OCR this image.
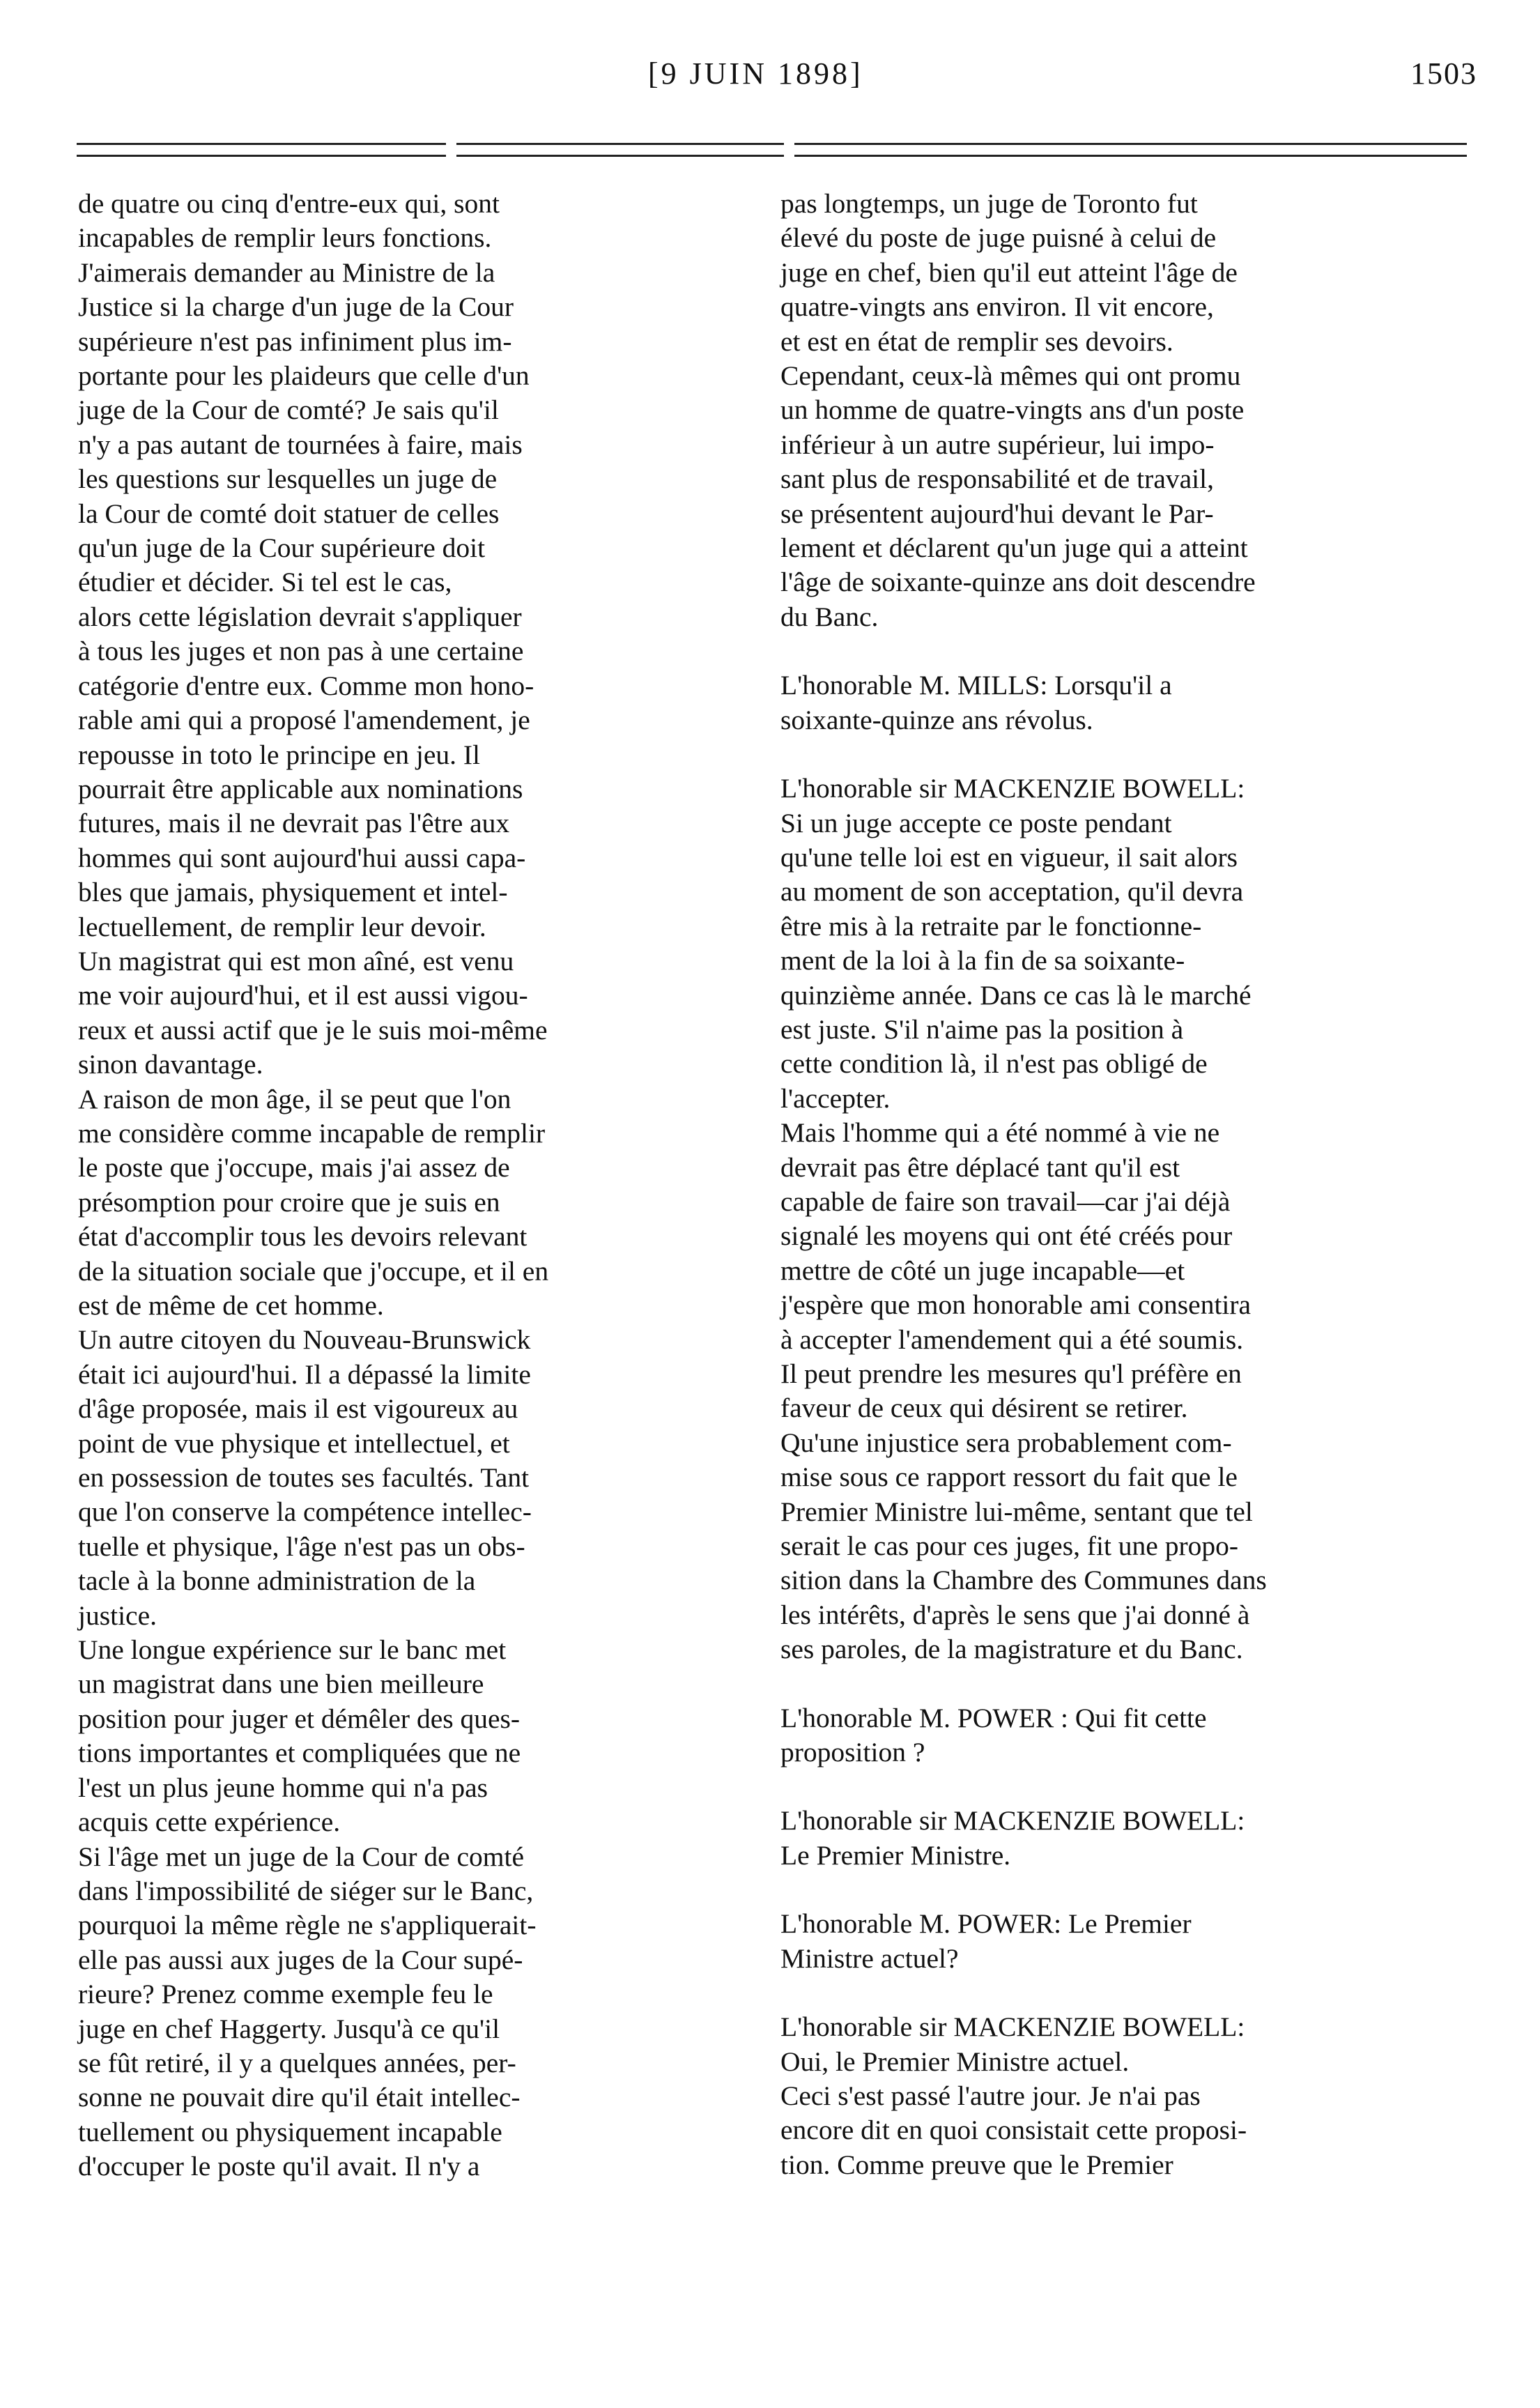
[9 JUIN 1898]	1503
de quatre ou cinq d'entre-eux qui, sont
incapables de remplir leurs fonctions.
J'aimerais demander au Ministre de la
Justice si la charge d'un juge de la Cour
supérieure n'est pas infiniment plus im-
portante pour les plaideurs que celle d'un
juge de la Cour de comté? Je sais qu'il
n'y a pas autant de tournées à faire, mais
les questions sur lesquelles un juge de
la Cour de comté doit statuer de celles
qu'un juge de la Cour supérieure doit
étudier et décider. Si tel est le cas,
alors cette législation devrait s'appliquer
à tous les juges et non pas à une certaine
catégorie d'entre eux. Comme mon hono-
rable ami qui a proposé l'amendement, je
repousse in toto le principe en jeu. Il
pourrait être applicable aux nominations
futures, mais il ne devrait pas l'être aux
hommes qui sont aujourd'hui aussi capa-
bles que jamais, physiquement et intel-
lectuellement, de remplir leur devoir.
Un magistrat qui est mon aîné, est venu
me voir aujourd'hui, et il est aussi vigou-
reux et aussi actif que je le suis moi-même
sinon davantage.
A raison de mon âge, il se peut que l'on
me considère comme incapable de remplir
le poste que j'occupe, mais j'ai assez de
présomption pour croire que je suis en
état d'accomplir tous les devoirs relevant
de la situation sociale que j'occupe, et il en
est de même de cet homme.
Un autre citoyen du Nouveau-Brunswick
était ici aujourd'hui. Il a dépassé la limite
d'âge proposée, mais il est vigoureux au
point de vue physique et intellectuel, et
en possession de toutes ses facultés. Tant
que l'on conserve la compétence intellec-
tuelle et physique, l'âge n'est pas un obs-
tacle à la bonne administration de la
justice.
Une longue expérience sur le banc met
un magistrat dans une bien meilleure
position pour juger et démêler des ques-
tions importantes et compliquées que ne
l'est un plus jeune homme qui n'a pas
acquis cette expérience.
Si l'âge met un juge de la Cour de comté
dans l'impossibilité de siéger sur le Banc,
pourquoi la même règle ne s'appliquerait-
elle pas aussi aux juges de la Cour supé-
rieure? Prenez comme exemple feu le
juge en chef Haggerty. Jusqu'à ce qu'il
se fût retiré, il y a quelques années, per-
sonne ne pouvait dire qu'il était intellec-
tuellement ou physiquement incapable
d'occuper le poste qu'il avait. Il n'y a
pas longtemps, un juge de Toronto fut
élevé du poste de juge puisné à celui de
juge en chef, bien qu'il eut atteint l'âge de
quatre-vingts ans environ. Il vit encore,
et est en état de remplir ses devoirs.
Cependant, ceux-là mêmes qui ont promu
un homme de quatre-vingts ans d'un poste
inférieur à un autre supérieur, lui impo-
sant plus de responsabilité et de travail,
se présentent aujourd'hui devant le Par-
lement et déclarent qu'un juge qui a atteint
l'âge de soixante-quinze ans doit descendre
du Banc.
L'honorable M. MILLS: Lorsqu'il a
soixante-quinze ans révolus.
L'honorable sir MACKENZIE BOWELL:
Si un juge accepte ce poste pendant
qu'une telle loi est en vigueur, il sait alors
au moment de son acceptation, qu'il devra
être mis à la retraite par le fonctionne-
ment de la loi à la fin de sa soixante-
quinzième année. Dans ce cas là le marché
est juste. S'il n'aime pas la position à
cette condition là, il n'est pas obligé de
l'accepter.
Mais l'homme qui a été nommé à vie ne
devrait pas être déplacé tant qu'il est
capable de faire son travail—car j'ai déjà
signalé les moyens qui ont été créés pour
mettre de côté un juge incapable—et
j'espère que mon honorable ami consentira
à accepter l'amendement qui a été soumis.
Il peut prendre les mesures qu'l préfère en
faveur de ceux qui désirent se retirer.
Qu'une injustice sera probablement com-
mise sous ce rapport ressort du fait que le
Premier Ministre lui-même, sentant que tel
serait le cas pour ces juges, fit une propo-
sition dans la Chambre des Communes dans
les intérêts, d'après le sens que j'ai donné à
ses paroles, de la magistrature et du Banc.
L'honorable M. POWER : Qui fit cette
proposition ?
L'honorable sir MACKENZIE BOWELL:
Le Premier Ministre.
L'honorable M. POWER: Le Premier
Ministre actuel?
L'honorable sir MACKENZIE BOWELL:
Oui, le Premier Ministre actuel.
Ceci s'est passé l'autre jour. Je n'ai pas
encore dit en quoi consistait cette proposi-
tion. Comme preuve que le Premier
